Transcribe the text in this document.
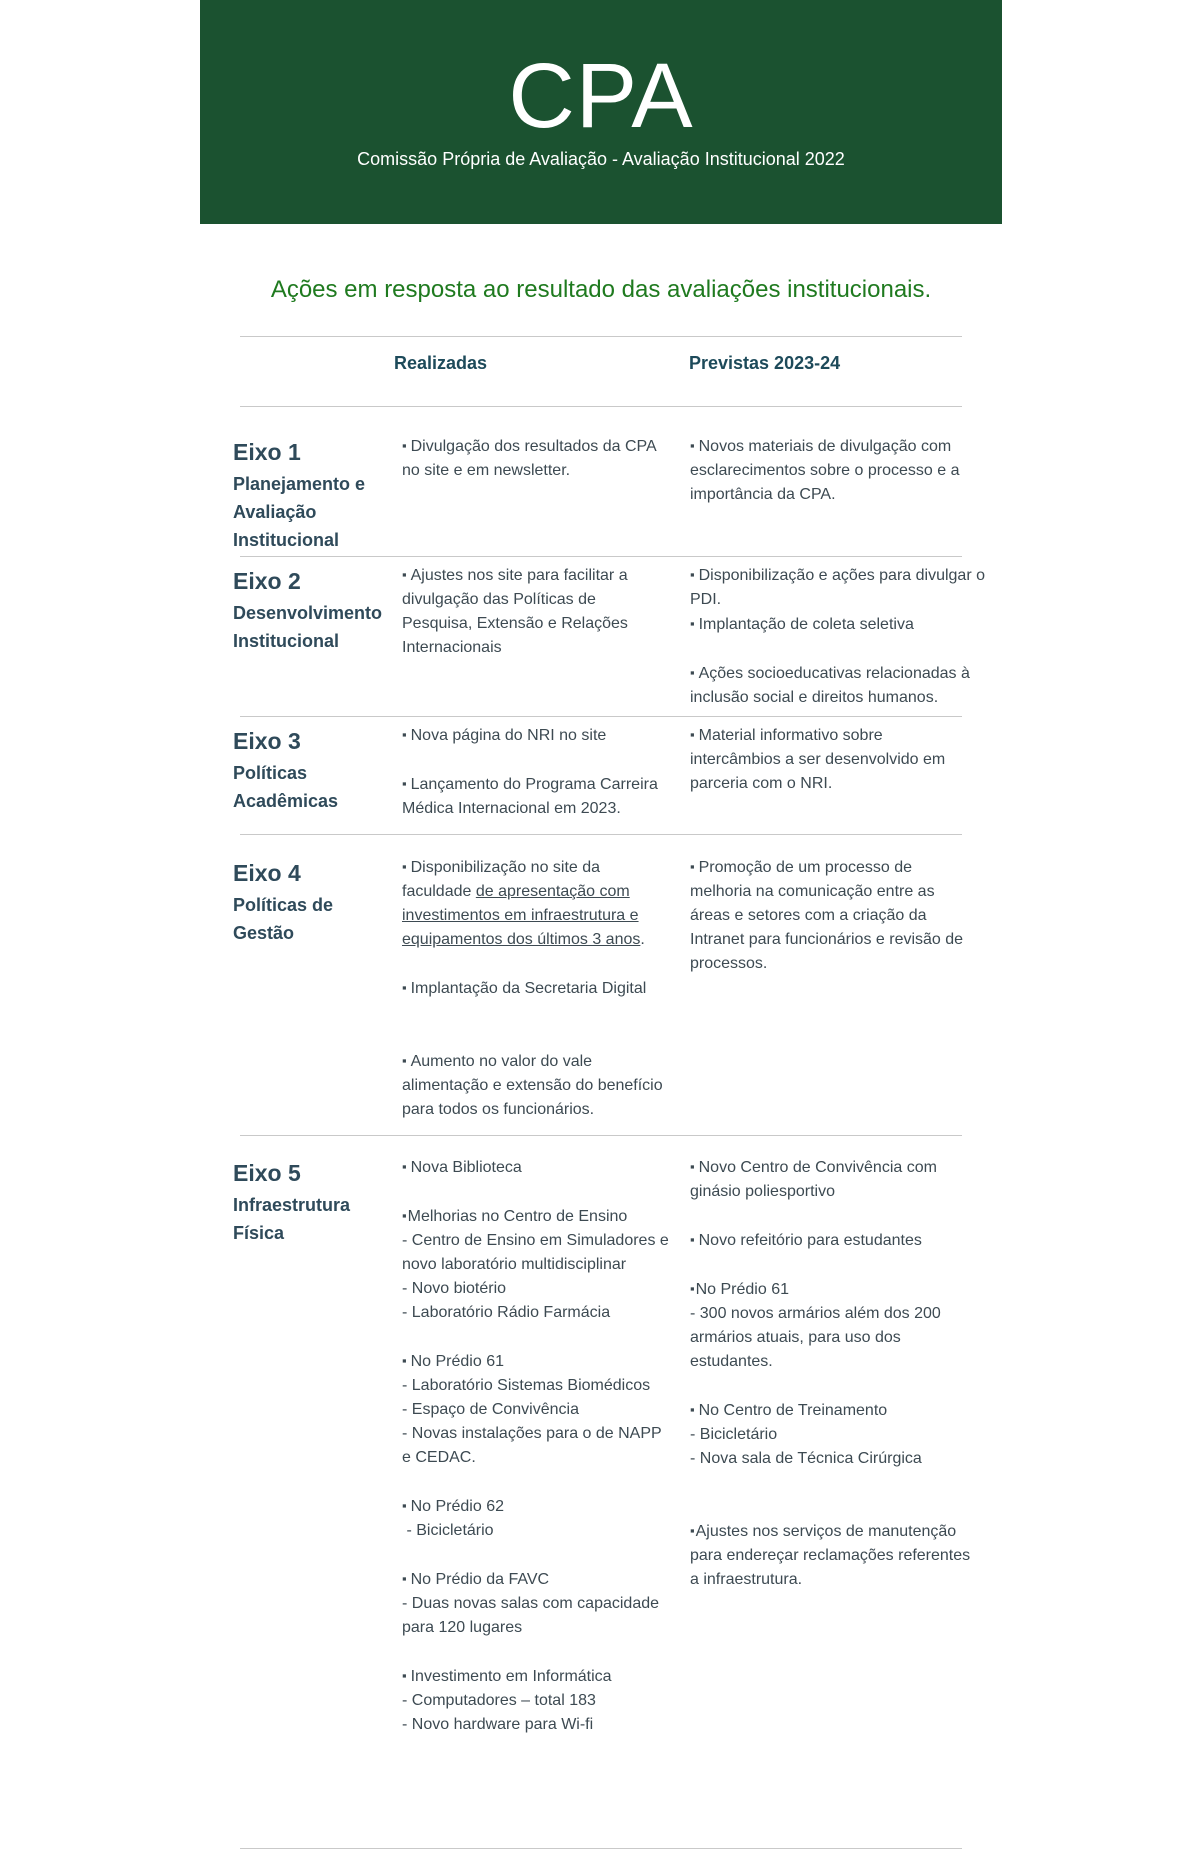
CPA
Comissão Própria de Avaliação - Avaliação Institucional 2022
Ações em resposta ao resultado das avaliações institucionais.
Realizadas	Previstas 2023-24
Eixo 1
Planejamento e Avaliação Institucional
▪ Divulgação dos resultados da CPA no site e em newsletter.
▪ Novos materiais de divulgação com esclarecimentos sobre o processo e a importância da CPA.
Eixo 2
Desenvolvimento Institucional
▪ Ajustes nos site para facilitar a divulgação das Políticas de Pesquisa, Extensão e Relações Internacionais
▪ Disponibilização e ações para divulgar o PDI.
▪ Implantação de coleta seletiva
▪ Ações socioeducativas relacionadas à inclusão social e direitos humanos.
Eixo 3
Políticas Acadêmicas
▪ Nova página do NRI no site
▪ Lançamento do Programa Carreira Médica Internacional em 2023.
▪ Material informativo sobre intercâmbios a ser desenvolvido em parceria com o NRI.
Eixo 4
Políticas de Gestão
▪ Disponibilização no site da faculdade de apresentação com investimentos em infraestrutura e equipamentos dos últimos 3 anos.
▪ Implantação da Secretaria Digital
▪ Aumento no valor do vale alimentação e extensão do benefício para todos os funcionários.
▪ Promoção de um processo de melhoria na comunicação entre as áreas e setores com a criação da Intranet para funcionários e revisão de processos.
Eixo 5
Infraestrutura Física
▪ Nova Biblioteca
▪ Melhorias no Centro de Ensino
- Centro de Ensino em Simuladores e novo laboratório multidisciplinar
- Novo biotério
- Laboratório Rádio Farmácia
▪ No Prédio 61
- Laboratório Sistemas Biomédicos
- Espaço de Convivência
- Novas instalações para o de NAPP e CEDAC.
▪ No Prédio 62
- Bicicletário
▪ No Prédio da FAVC
- Duas novas salas com capacidade para 120 lugares
▪ Investimento em Informática
- Computadores – total 183
- Novo hardware para Wi-fi
▪ Novo Centro de Convivência com ginásio poliesportivo
▪ Novo refeitório para estudantes
▪ No Prédio 61
- 300 novos armários além dos 200 armários atuais, para uso dos estudantes.
▪ No Centro de Treinamento
- Bicicletário
- Nova sala de Técnica Cirúrgica
▪ Ajustes nos serviços de manutenção para endereçar reclamações referentes a infraestrutura.
